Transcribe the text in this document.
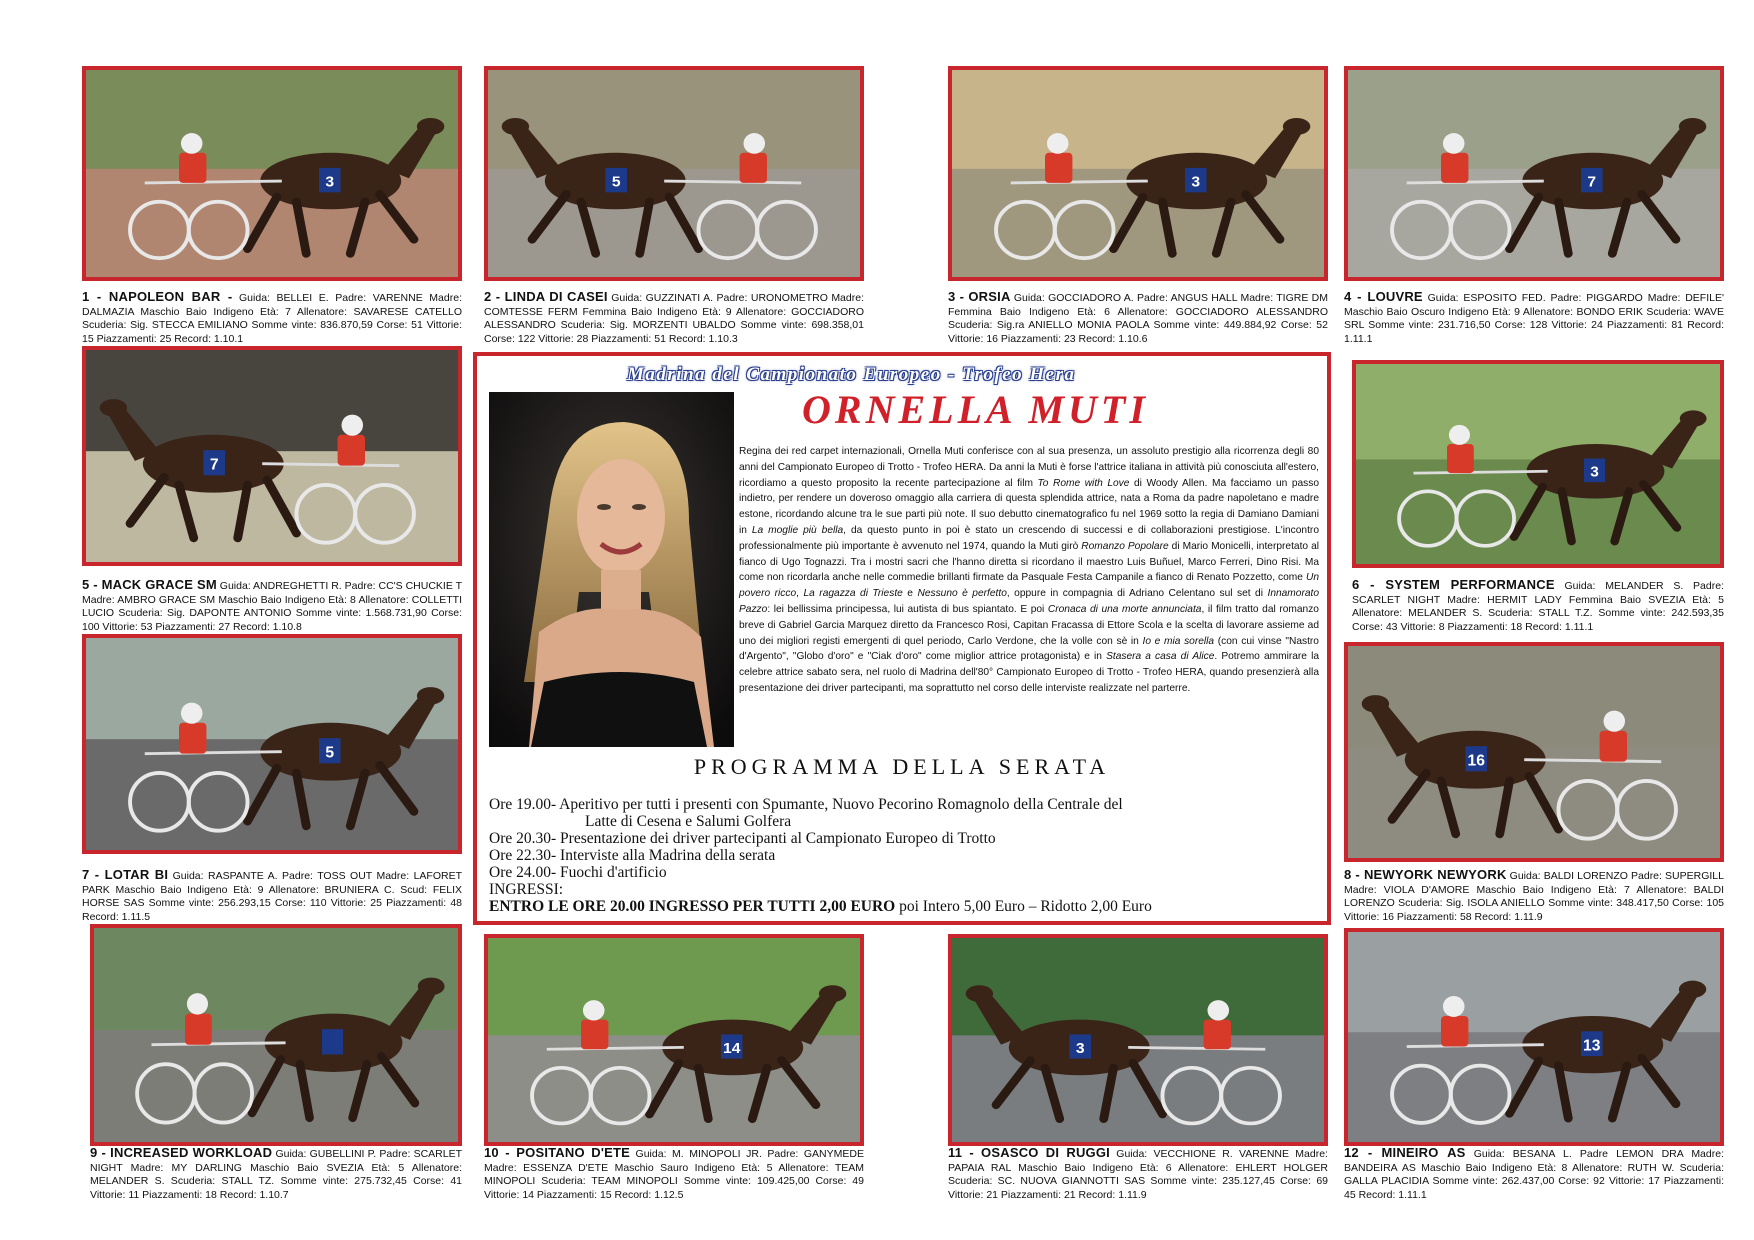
3
1 - NAPOLEON BAR - Guida: BELLEI E. Padre: VARENNE Madre: DALMAZIA Maschio Baio Indigeno Età: 7 Allenatore: SAVARESE CATELLO Scuderia: Sig. STECCA EMILIANO Somme vinte: 836.870,59 Corse: 51 Vittorie: 15 Piazzamenti: 25 Record: 1.10.1
5
2 - LINDA DI CASEI Guida: GUZZINATI A. Padre: URONOMETRO Madre: COMTESSE FERM Femmina Baio Indigeno Età: 9 Allenatore: GOCCIADORO ALESSANDRO Scuderia: Sig. MORZENTI UBALDO Somme vinte: 698.358,01 Corse: 122 Vittorie: 28 Piazzamenti: 51 Record: 1.10.3
3
3 - ORSIA Guida: GOCCIADORO A. Padre: ANGUS HALL Madre: TIGRE DM Femmina Baio Indigeno Età: 6 Allenatore: GOCCIADORO ALESSANDRO Scuderia: Sig.ra ANIELLO MONIA PAOLA Somme vinte: 449.884,92 Corse: 52 Vittorie: 16 Piazzamenti: 23 Record: 1.10.6
7
4 - LOUVRE Guida: ESPOSITO FED. Padre: PIGGARDO Madre: DEFILE' Maschio Baio Oscuro Indigeno Età: 9 Allenatore: BONDO ERIK Scuderia: WAVE SRL Somme vinte: 231.716,50 Corse: 128 Vittorie: 24 Piazzamenti: 81 Record: 1.11.1
7
5 - MACK GRACE SM Guida: ANDREGHETTI R. Padre: CC'S CHUCKIE T Madre: AMBRO GRACE SM Maschio Baio Indigeno Età: 8 Allenatore: COLLETTI LUCIO Scuderia: Sig. DAPONTE ANTONIO Somme vinte: 1.568.731,90 Corse: 100 Vittorie: 53 Piazzamenti: 27 Record: 1.10.8
3
6 - SYSTEM PERFORMANCE Guida: MELANDER S. Padre: SCARLET NIGHT Madre: HERMIT LADY Femmina Baio SVEZIA Età: 5 Allenatore: MELANDER S. Scuderia: STALL T.Z. Somme vinte: 242.593,35 Corse: 43 Vittorie: 8 Piazzamenti: 18 Record: 1.11.1
5
7 - LOTAR BI Guida: RASPANTE A. Padre: TOSS OUT Madre: LAFORET PARK Maschio Baio Indigeno Età: 9 Allenatore: BRUNIERA C. Scud: FELIX HORSE SAS Somme vinte: 256.293,15 Corse: 110 Vittorie: 25 Piazzamenti: 48 Record: 1.11.5
16
8 - NEWYORK NEWYORK Guida: BALDI LORENZO Padre: SUPERGILL Madre: VIOLA D'AMORE Maschio Baio Indigeno Età: 7 Allenatore: BALDI LORENZO Scuderia: Sig. ISOLA ANIELLO Somme vinte: 348.417,50 Corse: 105 Vittorie: 16 Piazzamenti: 58 Record: 1.11.9
9 - INCREASED WORKLOAD Guida: GUBELLINI P. Padre: SCARLET NIGHT Madre: MY DARLING Maschio Baio SVEZIA Età: 5 Allenatore: MELANDER S. Scuderia: STALL TZ. Somme vinte: 275.732,45 Corse: 41 Vittorie: 11 Piazzamenti: 18 Record: 1.10.7
14
10 - POSITANO D'ETE Guida: M. MINOPOLI JR. Padre: GANYMEDE Madre: ESSENZA D'ETE Maschio Sauro Indigeno Età: 5 Allenatore: TEAM MINOPOLI Scuderia: TEAM MINOPOLI Somme vinte: 109.425,00 Corse: 49 Vittorie: 14 Piazzamenti: 15 Record: 1.12.5
3
11 - OSASCO DI RUGGI Guida: VECCHIONE R. VARENNE Madre: PAPAIA RAL Maschio Baio Indigeno Età: 6 Allenatore: EHLERT HOLGER Scuderia: SC. NUOVA GIANNOTTI SAS Somme vinte: 235.127,45 Corse: 69 Vittorie: 21 Piazzamenti: 21 Record: 1.11.9
13
12 - MINEIRO AS Guida: BESANA L. Padre LEMON DRA Madre: BANDEIRA AS Maschio Baio Indigeno Età: 8 Allenatore: RUTH W. Scuderia: GALLA PLACIDIA Somme vinte: 262.437,00 Corse: 92 Vittorie: 17 Piazzamenti: 45 Record: 1.11.1
Madrina del Campionato Europeo - Trofeo Hera
ORNELLA MUTI
Regina dei red carpet internazionali, Ornella Muti conferisce con al sua presenza, un assoluto prestigio alla ricorrenza degli 80 anni del Campionato Europeo di Trotto - Trofeo HERA. Da anni la Muti è forse l'attrice italiana in attività più conosciuta all'estero, ricordiamo a questo proposito la recente partecipazione al film To Rome with Love di Woody Allen. Ma facciamo un passo indietro, per rendere un doveroso omaggio alla carriera di questa splendida attrice, nata a Roma da padre napoletano e madre estone, ricordando alcune tra le sue parti più note. Il suo debutto cinematografico fu nel 1969 sotto la regia di Damiano Damiani in La moglie più bella, da questo punto in poi è stato un crescendo di successi e di collaborazioni prestigiose. L'incontro professionalmente più importante è avvenuto nel 1974, quando la Muti girò Romanzo Popolare di Mario Monicelli, interpretato al fianco di Ugo Tognazzi. Tra i mostri sacri che l'hanno diretta si ricordano il maestro Luis Buñuel, Marco Ferreri, Dino Risi. Ma come non ricordarla anche nelle commedie brillanti firmate da Pasquale Festa Campanile a fianco di Renato Pozzetto, come Un povero ricco, La ragazza di Trieste e Nessuno è perfetto, oppure in compagnia di Adriano Celentano sul set di Innamorato Pazzo: lei bellissima principessa, lui autista di bus spiantato. E poi Cronaca di una morte annunciata, il film tratto dal romanzo breve di Gabriel Garcia Marquez diretto da Francesco Rosi, Capitan Fracassa di Ettore Scola e la scelta di lavorare assieme ad uno dei migliori registi emergenti di quel periodo, Carlo Verdone, che la volle con sè in Io e mia sorella (con cui vinse "Nastro d'Argento", "Globo d'oro" e "Ciak d'oro" come miglior attrice protagonista) e in Stasera a casa di Alice. Potremo ammirare la celebre attrice sabato sera, nel ruolo di Madrina dell'80° Campionato Europeo di Trotto - Trofeo HERA, quando presenzierà alla presentazione dei driver partecipanti, ma soprattutto nel corso delle interviste realizzate nel parterre.
PROGRAMMA DELLA SERATA
Ore 19.00 - Aperitivo per tutti i presenti con Spumante, Nuovo Pecorino Romagnolo della Centrale del
Latte di Cesena e Salumi Golfera
Ore 20.30 - Presentazione dei driver partecipanti al Campionato Europeo di Trotto
Ore 22.30 - Interviste alla Madrina della serata
Ore 24.00 - Fuochi d'artificio
INGRESSI:
ENTRO LE ORE 20.00 INGRESSO PER TUTTI 2,00 EURO poi Intero 5,00 Euro – Ridotto 2,00 Euro
